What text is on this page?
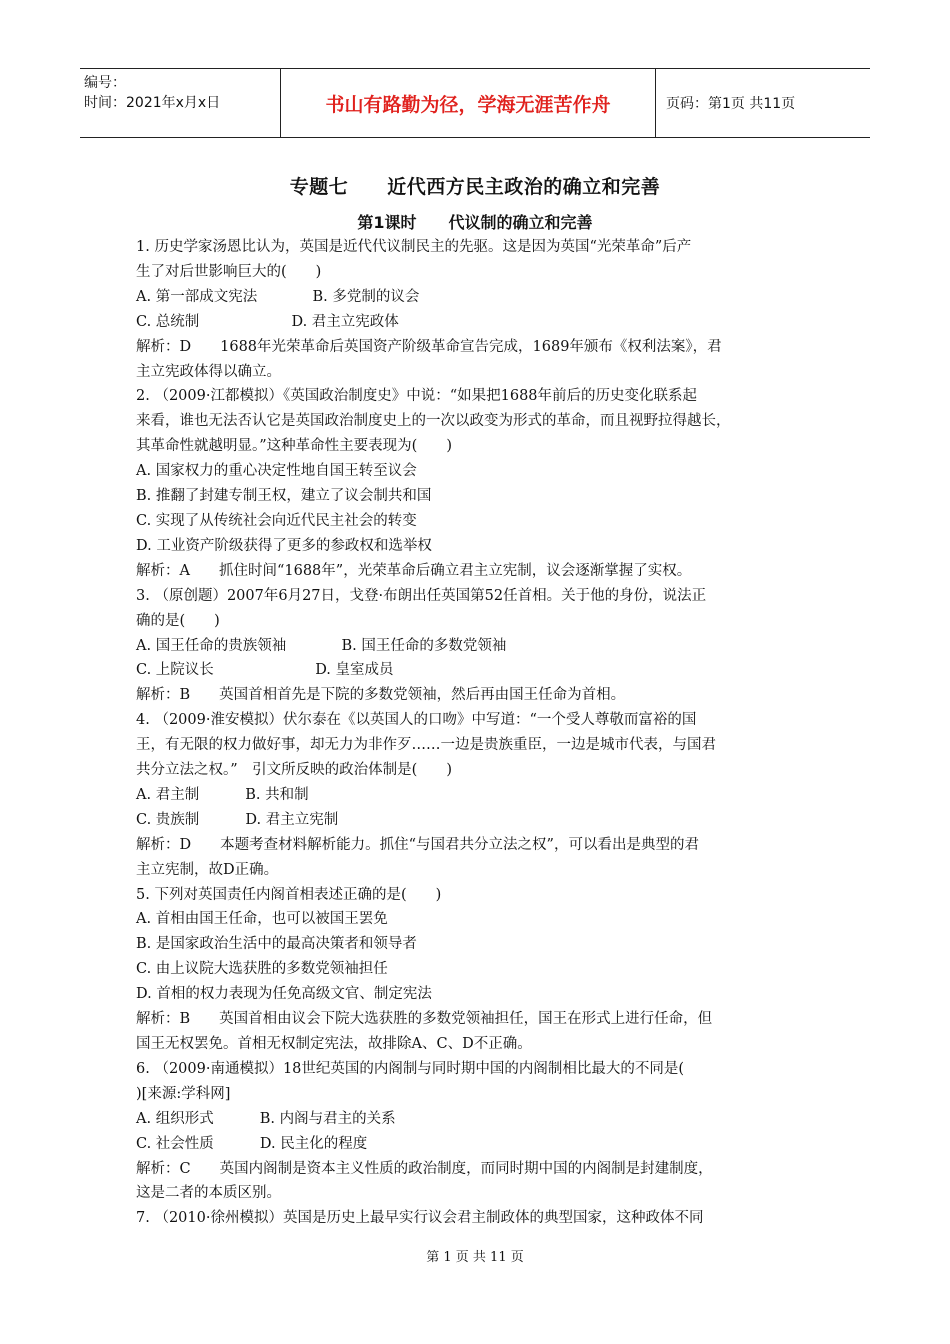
编号：
时间：2021年x月x日	书山有路勤为径，学海无涯苦作舟	页码：第1页 共11页
专题七　　近代西方民主政治的确立和完善
第1课时　　代议制的确立和完善
1. 历史学家汤恩比认为，英国是近代代议制民主的先驱。这是因为英国“光荣革命”后产
生了对后世影响巨大的(　　)
A. 第一部成文宪法            B. 多党制的议会
C. 总统制                    D. 君主立宪政体
解析：D　　1688年光荣革命后英国资产阶级革命宣告完成，1689年颁布《权利法案》，君
主立宪政体得以确立。
2. （2009·江都模拟）《英国政治制度史》中说：“如果把1688年前后的历史变化联系起
来看，谁也无法否认它是英国政治制度史上的一次以政变为形式的革命，而且视野拉得越长，
其革命性就越明显。”这种革命性主要表现为(　　)
A. 国家权力的重心决定性地自国王转至议会
B. 推翻了封建专制王权，建立了议会制共和国
C. 实现了从传统社会向近代民主社会的转变
D. 工业资产阶级获得了更多的参政权和选举权
解析：A　　抓住时间“1688年”，光荣革命后确立君主立宪制，议会逐渐掌握了实权。
3. （原创题）2007年6月27日，戈登·布朗出任英国第52任首相。关于他的身份，说法正
确的是(　　)
A. 国王任命的贵族领袖            B. 国王任命的多数党领袖
C. 上院议长                      D. 皇室成员
解析：B　　英国首相首先是下院的多数党领袖，然后再由国王任命为首相。
4. （2009·淮安模拟）伏尔泰在《以英国人的口吻》中写道：“一个受人尊敬而富裕的国
王，有无限的权力做好事，却无力为非作歹……一边是贵族重臣，一边是城市代表，与国君
共分立法之权。”　引文所反映的政治体制是(　　)
A. 君主制          B. 共和制
C. 贵族制          D. 君主立宪制
解析：D　　本题考查材料解析能力。抓住“与国君共分立法之权”，可以看出是典型的君
主立宪制，故D正确。
5. 下列对英国责任内阁首相表述正确的是(　　)
A. 首相由国王任命，也可以被国王罢免
B. 是国家政治生活中的最高决策者和领导者
C. 由上议院大选获胜的多数党领袖担任
D. 首相的权力表现为任免高级文官、制定宪法
解析：B　　英国首相由议会下院大选获胜的多数党领袖担任，国王在形式上进行任命，但
国王无权罢免。首相无权制定宪法，故排除A、C、D不正确。
6. （2009·南通模拟）18世纪英国的内阁制与同时期中国的内阁制相比最大的不同是(
)[来源:学科网]
A. 组织形式          B. 内阁与君主的关系
C. 社会性质          D. 民主化的程度
解析：C　　英国内阁制是资本主义性质的政治制度，而同时期中国的内阁制是封建制度，
这是二者的本质区别。
7. （2010·徐州模拟）英国是历史上最早实行议会君主制政体的典型国家，这种政体不同
第 1 页 共 11 页
